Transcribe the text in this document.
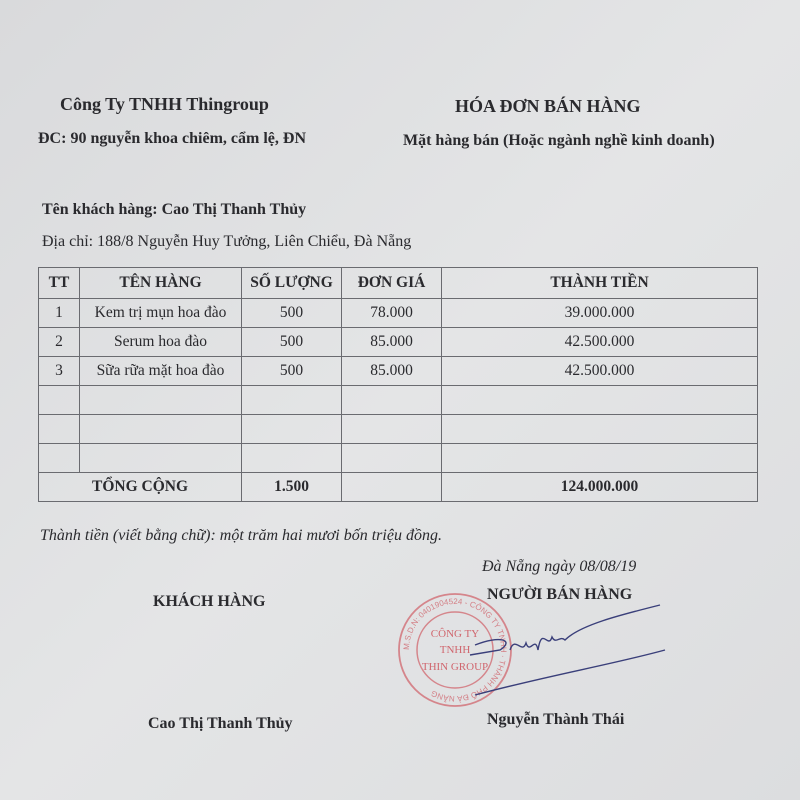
Công Ty TNHH Thingroup
ĐC: 90 nguyễn khoa chiêm, cẩm lệ, ĐN
HÓA ĐƠN BÁN HÀNG
Mặt hàng bán (Hoặc ngành nghề kinh doanh)
Tên khách hàng: Cao Thị Thanh Thủy
Địa chỉ: 188/8 Nguyễn Huy Tưởng, Liên Chiểu, Đà Nẵng
TT	TÊN HÀNG	SỐ LƯỢNG	ĐƠN GIÁ	THÀNH TIỀN
1	Kem trị mụn hoa đào	500	78.000	39.000.000
2	Serum hoa đào	500	85.000	42.500.000
3	Sữa rữa mặt hoa đào	500	85.000	42.500.000

TỔNG CỘNG		1.500		124.000.000
Thành tiền (viết bằng chữ): một trăm hai mươi bốn triệu đồng.
Đà Nẵng ngày 08/08/19
KHÁCH HÀNG	NGƯỜI BÁN HÀNG
M.S.D.N: 0401904524 - CÔNG TY TNHH · THÀNH PHỐ ĐÀ NẴNG
CÔNG TY
TNHH
THIN GROUP
Cao Thị Thanh Thủy	Nguyễn Thành Thái
